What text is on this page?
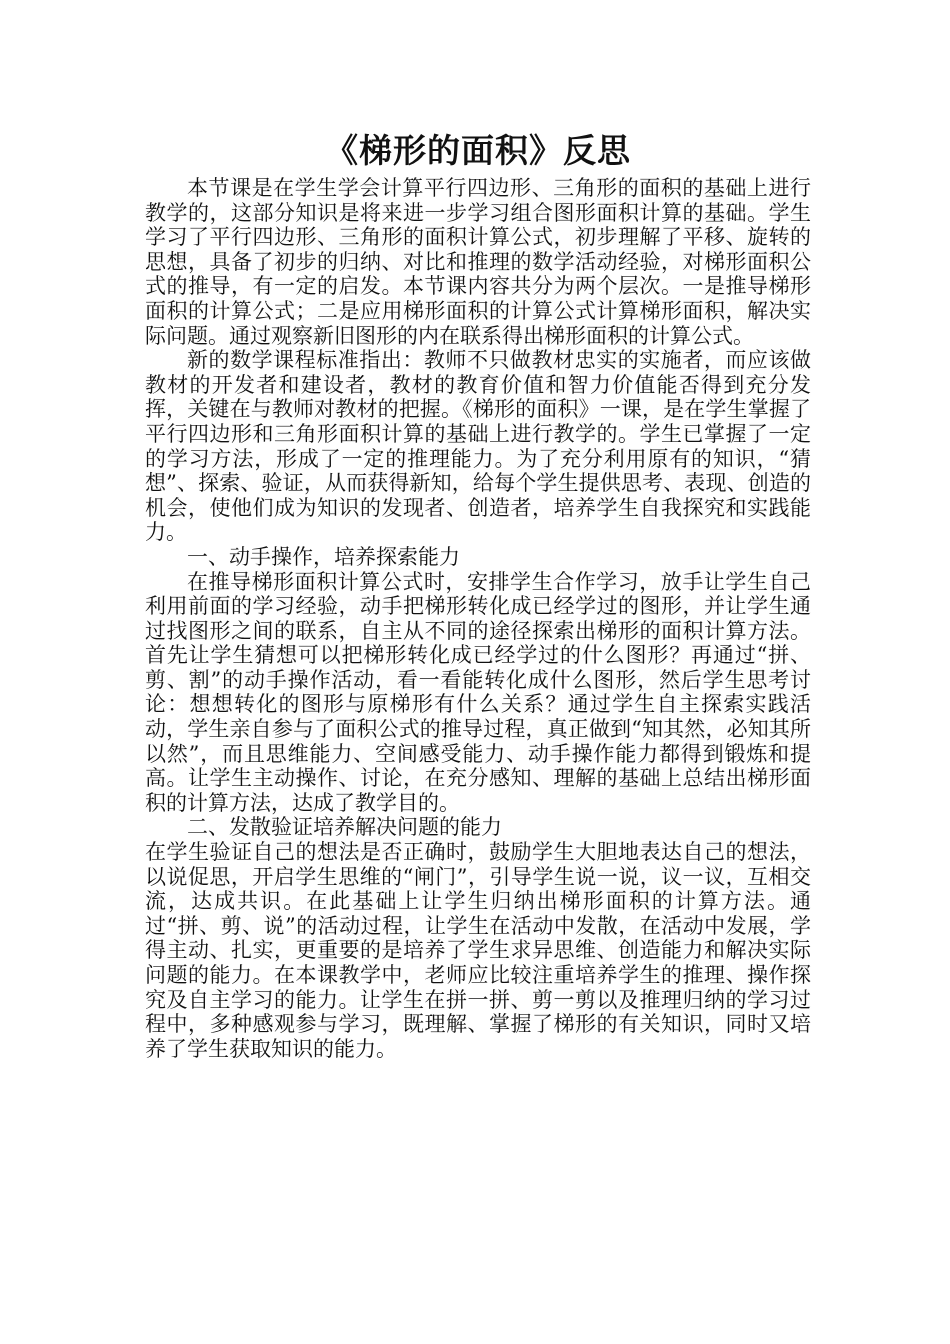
《梯形的面积》反思

本节课是在学生学会计算平行四边形、三角形的面积的基础上进行教学的，这部分知识是将来进一步学习组合图形面积计算的基础。学生学习了平行四边形、三角形的面积计算公式，初步理解了平移、旋转的思想，具备了初步的归纳、对比和推理的数学活动经验，对梯形面积公式的推导，有一定的启发。本节课内容共分为两个层次。一是推导梯形面积的计算公式；二是应用梯形面积的计算公式计算梯形面积，解决实际问题。通过观察新旧图形的内在联系得出梯形面积的计算公式。

新的数学课程标准指出：教师不只做教材忠实的实施者，而应该做教材的开发者和建设者，教材的教育价值和智力价值能否得到充分发挥，关键在与教师对教材的把握。《梯形的面积》一课，是在学生掌握了平行四边形和三角形面积计算的基础上进行教学的。学生已掌握了一定的学习方法，形成了一定的推理能力。为了充分利用原有的知识，“猜想”、探索、验证，从而获得新知，给每个学生提供思考、表现、创造的机会，使他们成为知识的发现者、创造者，培养学生自我探究和实践能力。

一、动手操作，培养探索能力

在推导梯形面积计算公式时，安排学生合作学习，放手让学生自己利用前面的学习经验，动手把梯形转化成已经学过的图形，并让学生通过找图形之间的联系，自主从不同的途径探索出梯形的面积计算方法。首先让学生猜想可以把梯形转化成已经学过的什么图形？再通过“拼、剪、割”的动手操作活动，看一看能转化成什么图形，然后学生思考讨论：想想转化的图形与原梯形有什么关系？通过学生自主探索实践活动，学生亲自参与了面积公式的推导过程，真正做到“知其然，必知其所以然”，而且思维能力、空间感受能力、动手操作能力都得到锻炼和提高。让学生主动操作、讨论，在充分感知、理解的基础上总结出梯形面积的计算方法，达成了教学目的。

二、发散验证培养解决问题的能力

在学生验证自己的想法是否正确时，鼓励学生大胆地表达自己的想法，以说促思，开启学生思维的“闸门”，引导学生说一说，议一议，互相交流，达成共识。在此基础上让学生归纳出梯形面积的计算方法。通过“拼、剪、说”的活动过程，让学生在活动中发散，在活动中发展，学得主动、扎实，更重要的是培养了学生求异思维、创造能力和解决实际问题的能力。在本课教学中，老师应比较注重培养学生的推理、操作探究及自主学习的能力。让学生在拼一拼、剪一剪以及推理归纳的学习过程中，多种感观参与学习，既理解、掌握了梯形的有关知识，同时又培养了学生获取知识的能力。
